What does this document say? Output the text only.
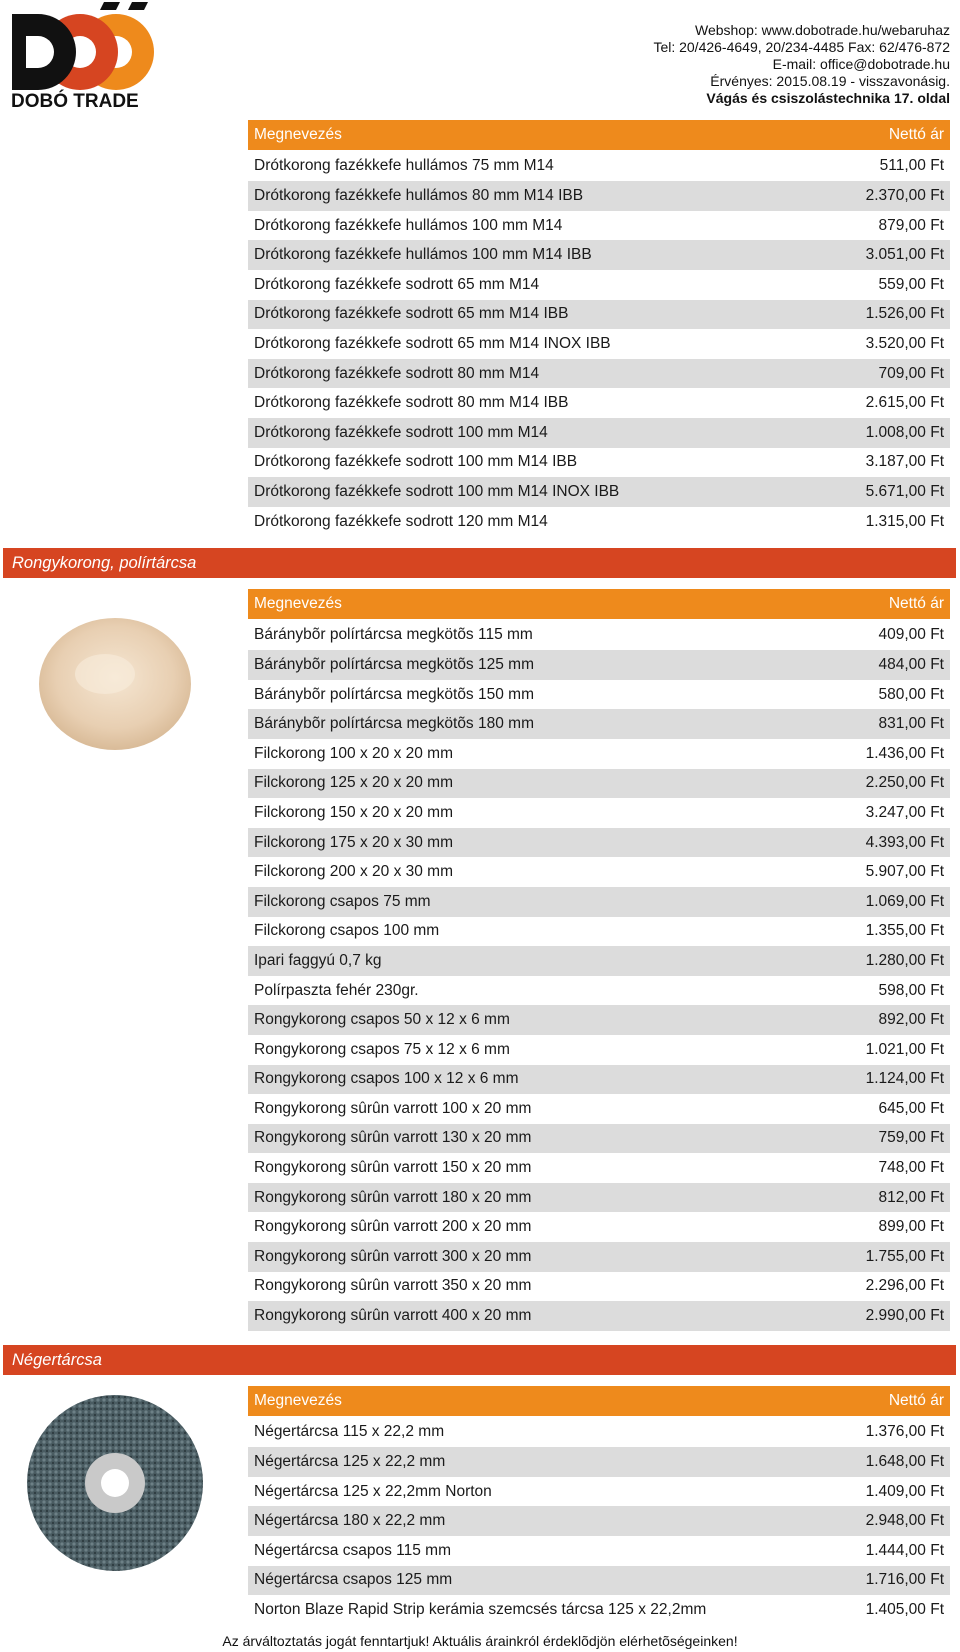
DOBÓ TRADE
Webshop: www.dobotrade.hu/webaruhaz
Tel: 20/426-4649, 20/234-4485 Fax: 62/476-872
E-mail: office@dobotrade.hu
Érvényes: 2015.08.19 - visszavonásig.
Vágás és csiszolástechnika 17. oldal
Megnevezés	Nettó ár
Drótkorong fazékkefe hullámos 75 mm M14	511,00 Ft
Drótkorong fazékkefe hullámos 80 mm M14 IBB	2.370,00 Ft
Drótkorong fazékkefe hullámos 100 mm M14	879,00 Ft
Drótkorong fazékkefe hullámos 100 mm M14 IBB	3.051,00 Ft
Drótkorong fazékkefe sodrott 65 mm M14	559,00 Ft
Drótkorong fazékkefe sodrott 65 mm M14 IBB	1.526,00 Ft
Drótkorong fazékkefe sodrott 65 mm M14 INOX IBB	3.520,00 Ft
Drótkorong fazékkefe sodrott 80 mm M14	709,00 Ft
Drótkorong fazékkefe sodrott 80 mm M14 IBB	2.615,00 Ft
Drótkorong fazékkefe sodrott 100 mm M14	1.008,00 Ft
Drótkorong fazékkefe sodrott 100 mm M14 IBB	3.187,00 Ft
Drótkorong fazékkefe sodrott 100 mm M14 INOX IBB	5.671,00 Ft
Drótkorong fazékkefe sodrott 120 mm M14	1.315,00 Ft
Rongykorong, polírtárcsa
Megnevezés	Nettó ár
Báránybõr polírtárcsa megkötõs 115 mm	409,00 Ft
Báránybõr polírtárcsa megkötõs 125 mm	484,00 Ft
Báránybõr polírtárcsa megkötõs 150 mm	580,00 Ft
Báránybõr polírtárcsa megkötõs 180 mm	831,00 Ft
Filckorong 100 x 20 x 20 mm	1.436,00 Ft
Filckorong 125 x 20 x 20 mm	2.250,00 Ft
Filckorong 150 x 20 x 20 mm	3.247,00 Ft
Filckorong 175 x 20 x 30 mm	4.393,00 Ft
Filckorong 200 x 20 x 30 mm	5.907,00 Ft
Filckorong csapos 75 mm	1.069,00 Ft
Filckorong csapos 100 mm	1.355,00 Ft
Ipari faggyú 0,7 kg	1.280,00 Ft
Polírpaszta fehér 230gr.	598,00 Ft
Rongykorong csapos 50 x 12 x 6 mm	892,00 Ft
Rongykorong csapos 75 x 12 x 6 mm	1.021,00 Ft
Rongykorong csapos 100 x 12 x 6 mm	1.124,00 Ft
Rongykorong sûrûn varrott 100 x 20 mm	645,00 Ft
Rongykorong sûrûn varrott 130 x 20 mm	759,00 Ft
Rongykorong sûrûn varrott 150 x 20 mm	748,00 Ft
Rongykorong sûrûn varrott 180 x 20 mm	812,00 Ft
Rongykorong sûrûn varrott 200 x 20 mm	899,00 Ft
Rongykorong sûrûn varrott 300 x 20 mm	1.755,00 Ft
Rongykorong sûrûn varrott 350 x 20 mm	2.296,00 Ft
Rongykorong sûrûn varrott 400 x 20 mm	2.990,00 Ft
Négertárcsa
Megnevezés	Nettó ár
Négertárcsa 115 x 22,2 mm	1.376,00 Ft
Négertárcsa 125 x 22,2 mm	1.648,00 Ft
Négertárcsa 125 x 22,2mm Norton	1.409,00 Ft
Négertárcsa 180 x 22,2 mm	2.948,00 Ft
Négertárcsa csapos 115 mm	1.444,00 Ft
Négertárcsa csapos 125 mm	1.716,00 Ft
Norton Blaze Rapid Strip kerámia szemcsés tárcsa 125 x 22,2mm	1.405,00 Ft
Az árváltoztatás jogát fenntartjuk! Aktuális árainkról érdeklõdjön elérhetõségeinken!
